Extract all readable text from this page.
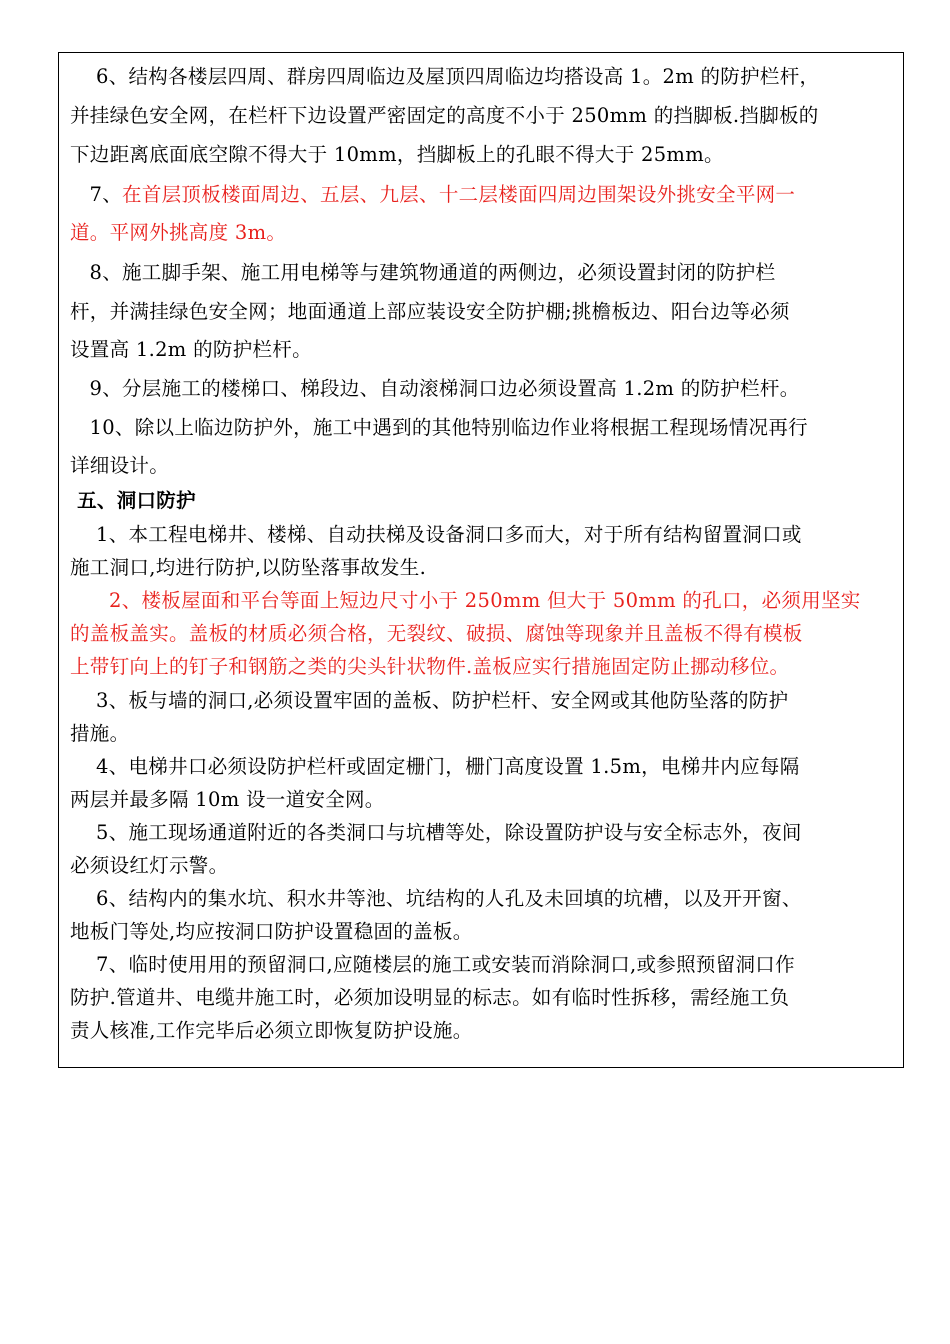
6、结构各楼层四周、群房四周临边及屋顶四周临边均搭设高 1。2m 的防护栏杆，
并挂绿色安全网，在栏杆下边设置严密固定的高度不小于 250mm 的挡脚板.挡脚板的
下边距离底面底空隙不得大于 10mm，挡脚板上的孔眼不得大于 25mm。
7、在首层顶板楼面周边、五层、九层、十二层楼面四周边围架设外挑安全平网一
道。平网外挑高度 3m。
8、施工脚手架、施工用电梯等与建筑物通道的两侧边，必须设置封闭的防护栏
杆，并满挂绿色安全网；地面通道上部应装设安全防护棚;挑檐板边、阳台边等必须
设置高 1.2m 的防护栏杆。
9、分层施工的楼梯口、梯段边、自动滚梯洞口边必须设置高 1.2m 的防护栏杆。
10、除以上临边防护外，施工中遇到的其他特别临边作业将根据工程现场情况再行
详细设计。
五、洞口防护
1、本工程电梯井、楼梯、自动扶梯及设备洞口多而大，对于所有结构留置洞口或
施工洞口,均进行防护,以防坠落事故发生.
2、楼板屋面和平台等面上短边尺寸小于 250mm 但大于 50mm 的孔口，必须用坚实
的盖板盖实。盖板的材质必须合格，无裂纹、破损、腐蚀等现象并且盖板不得有模板
上带钉向上的钉子和钢筋之类的尖头针状物件.盖板应实行措施固定防止挪动移位。
3、板与墙的洞口,必须设置牢固的盖板、防护栏杆、安全网或其他防坠落的防护
措施。
4、电梯井口必须设防护栏杆或固定栅门，栅门高度设置 1.5m，电梯井内应每隔
两层并最多隔 10m 设一道安全网。
5、施工现场通道附近的各类洞口与坑槽等处，除设置防护设与安全标志外，夜间
必须设红灯示警。
6、结构内的集水坑、积水井等池、坑结构的人孔及未回填的坑槽，以及开开窗、
地板门等处,均应按洞口防护设置稳固的盖板。
7、临时使用用的预留洞口,应随楼层的施工或安装而消除洞口,或参照预留洞口作
防护.管道井、电缆井施工时，必须加设明显的标志。如有临时性拆移，需经施工负
责人核准,工作完毕后必须立即恢复防护设施。
